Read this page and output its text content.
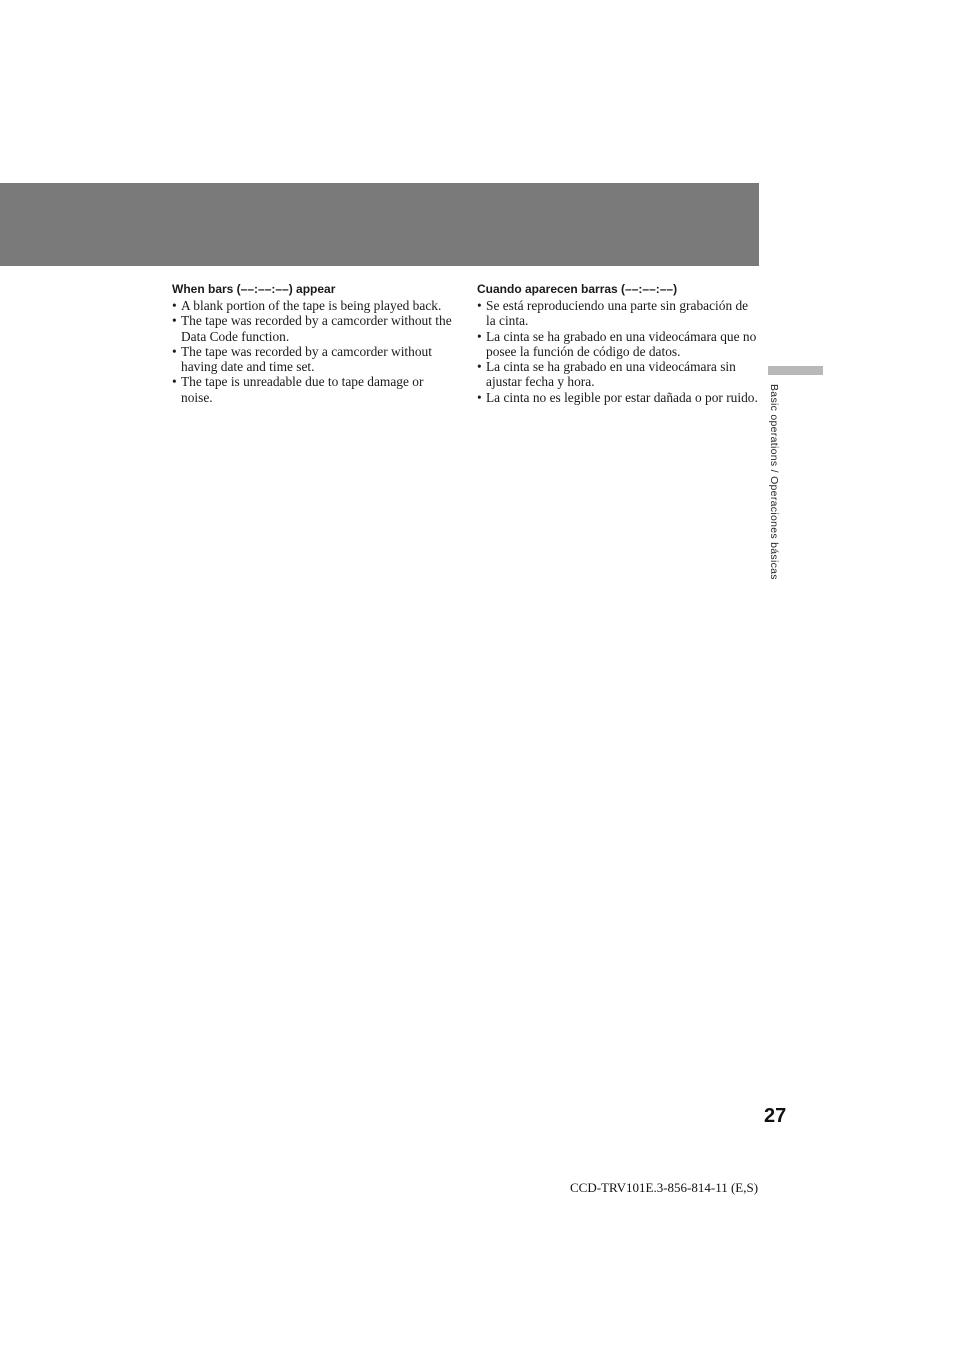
When bars (––:––:––) appear
• A blank portion of the tape is being played back.
• The tape was recorded by a camcorder without the Data Code function.
• The tape was recorded by a camcorder without having date and time set.
• The tape is unreadable due to tape damage or noise.
Cuando aparecen barras (––:––:––)
• Se está reproduciendo una parte sin grabación de la cinta.
• La cinta se ha grabado en una videocámara que no posee la función de código de datos.
• La cinta se ha grabado en una videocámara sin ajustar fecha y hora.
• La cinta no es legible por estar dañada o por ruido. Basic operations / Operaciones básicas
27
CCD-TRV101E.3-856-814-11 (E,S)
